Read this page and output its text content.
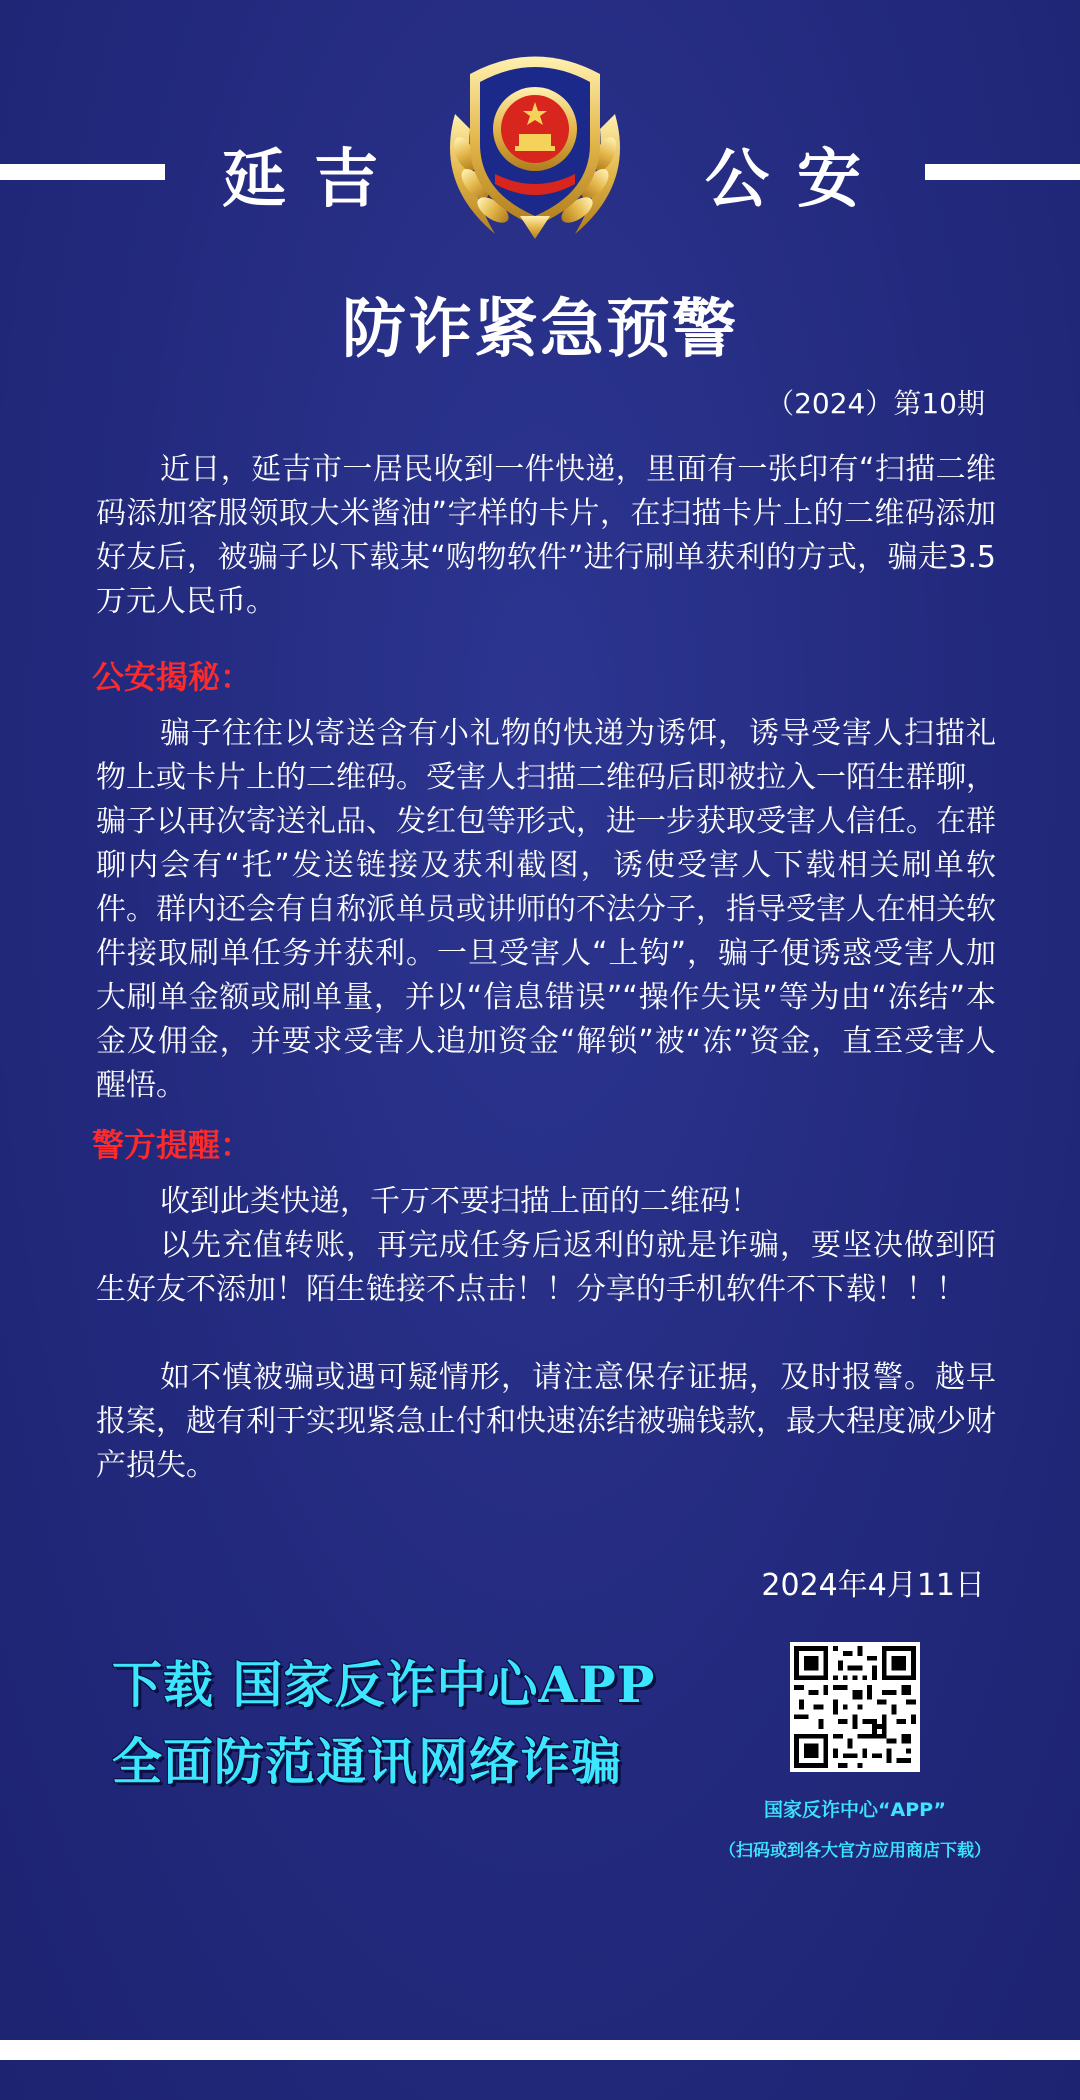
延吉	公安
防诈紧急预警
（2024）第10期
近日，延吉市一居民收到一件快递，里面有一张印有“扫描二维码添加客服领取大米酱油”字样的卡片，在扫描卡片上的二维码添加好友后，被骗子以下载某“购物软件”进行刷单获利的方式，骗走3.5万元人民币。
公安揭秘：
骗子往往以寄送含有小礼物的快递为诱饵，诱导受害人扫描礼物上或卡片上的二维码。受害人扫描二维码后即被拉入一陌生群聊，骗子以再次寄送礼品、发红包等形式，进一步获取受害人信任。在群聊内会有“托”发送链接及获利截图，诱使受害人下载相关刷单软件。群内还会有自称派单员或讲师的不法分子，指导受害人在相关软件接取刷单任务并获利。一旦受害人“上钩”，骗子便诱惑受害人加大刷单金额或刷单量，并以“信息错误”“操作失误”等为由“冻结”本金及佣金，并要求受害人追加资金“解锁”被“冻”资金，直至受害人醒悟。
警方提醒：
收到此类快递，千万不要扫描上面的二维码！
以先充值转账，再完成任务后返利的就是诈骗，要坚决做到陌生好友不添加！陌生链接不点击！！分享的手机软件不下载！！！
如不慎被骗或遇可疑情形，请注意保存证据，及时报警。越早报案，越有利于实现紧急止付和快速冻结被骗钱款，最大程度减少财产损失。
2024年4月11日
下载 国家反诈中心APP
全面防范通讯网络诈骗
国家反诈中心“APP”
（扫码或到各大官方应用商店下载）
